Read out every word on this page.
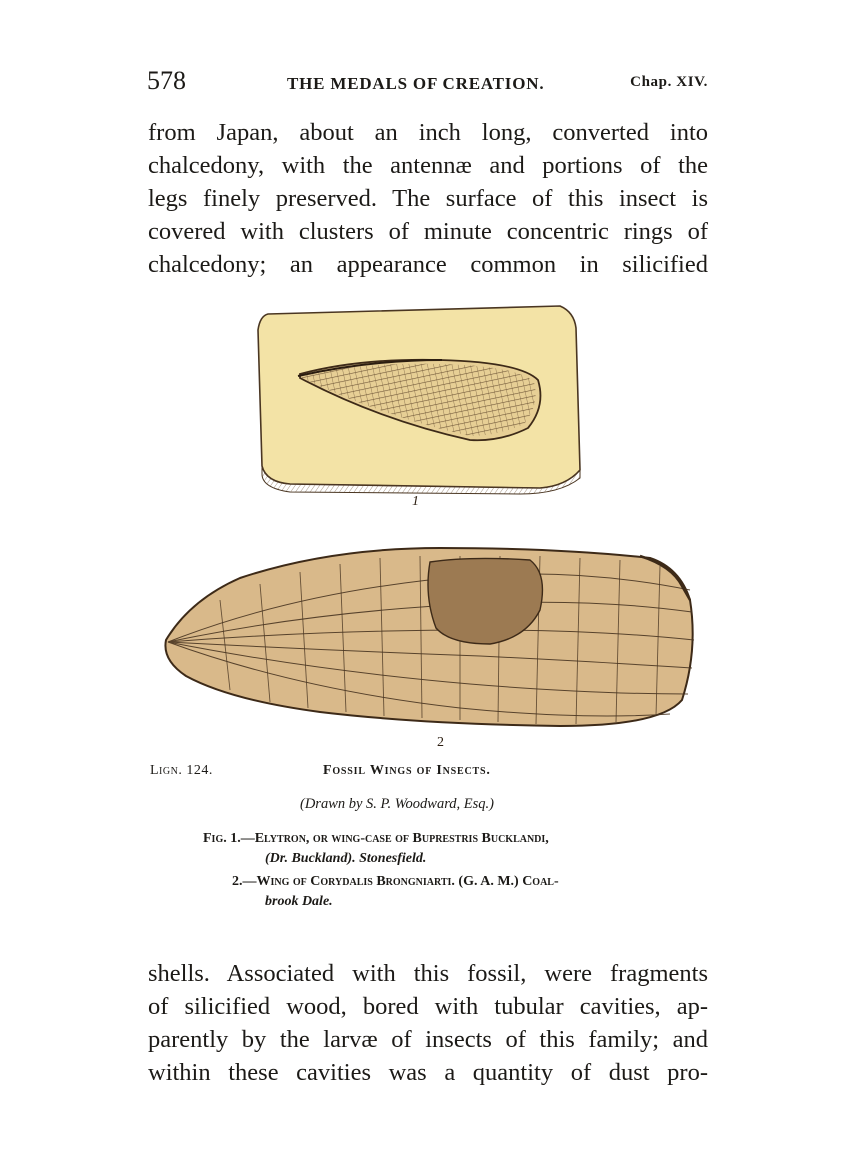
578	THE MEDALS OF CREATION.	Chap. XIV.
from Japan, about an inch long, converted into
chalcedony, with the antennæ and portions of the
legs finely preserved. The surface of this insect is
covered with clusters of minute concentric rings of
chalcedony; an appearance common in silicified
1
2
Lign. 124.	Fossil Wings of Insects.
(Drawn by S. P. Woodward, Esq.)
Fig. 1.—Elytron, or wing-case of Buprestris Bucklandi,
(Dr. Buckland). Stonesfield.
2.—Wing of Corydalis Brongniarti. (G. A. M.) Coal-
brook Dale.
shells. Associated with this fossil, were fragments
of silicified wood, bored with tubular cavities, ap-
parently by the larvæ of insects of this family; and
within these cavities was a quantity of dust pro-
